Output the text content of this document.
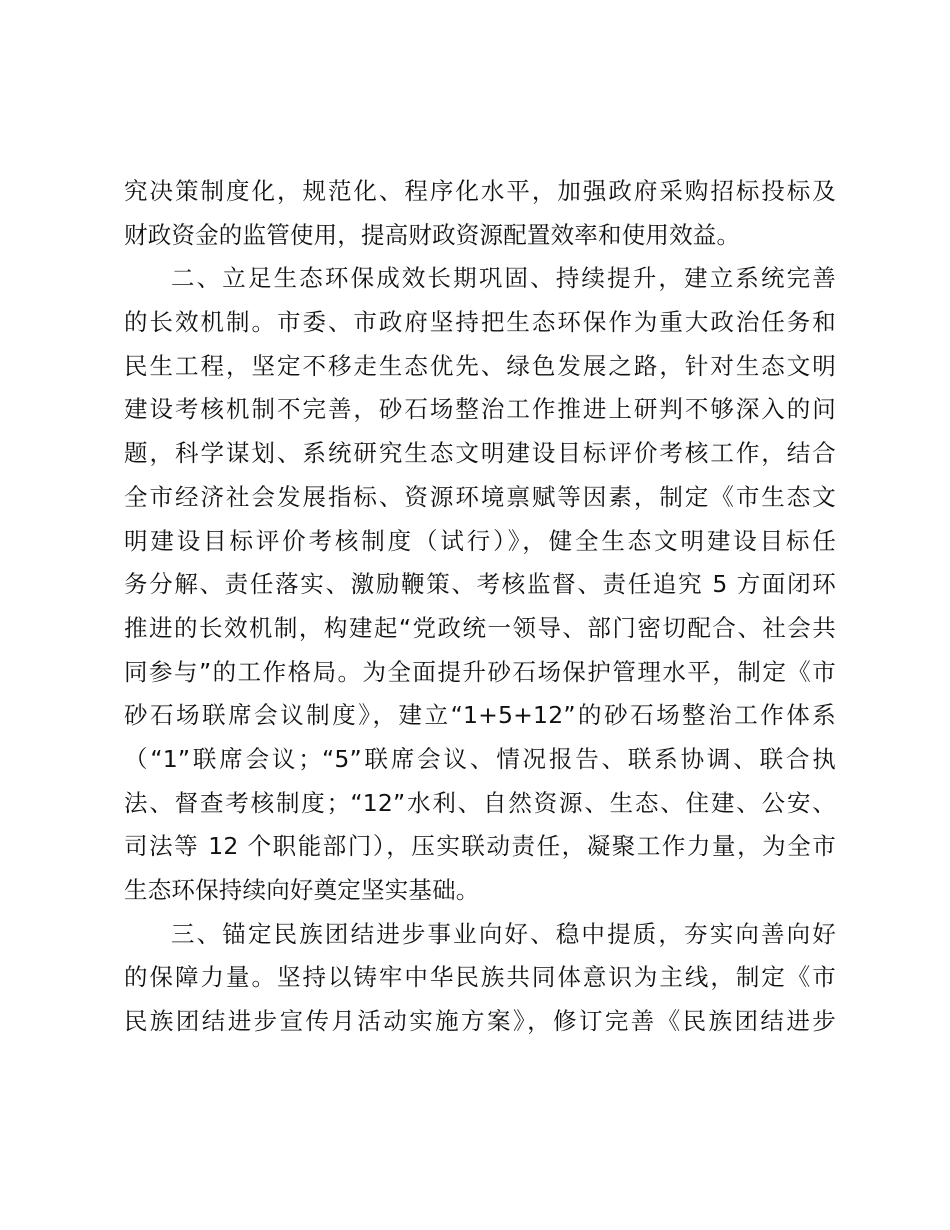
究决策制度化，规范化、程序化水平，加强政府采购招标投标及
财政资金的监管使用，提高财政资源配置效率和使用效益。
二、立足生态环保成效长期巩固、持续提升，建立系统完善
的长效机制。市委、市政府坚持把生态环保作为重大政治任务和
民生工程，坚定不移走生态优先、绿色发展之路，针对生态文明
建设考核机制不完善，砂石场整治工作推进上研判不够深入的问
题，科学谋划、系统研究生态文明建设目标评价考核工作，结合
全市经济社会发展指标、资源环境禀赋等因素，制定《市生态文
明建设目标评价考核制度（试行）》，健全生态文明建设目标任
务分解、责任落实、激励鞭策、考核监督、责任追究 5 方面闭环
推进的长效机制，构建起“党政统一领导、部门密切配合、社会共
同参与”的工作格局。为全面提升砂石场保护管理水平，制定《市
砂石场联席会议制度》，建立“1+5+12”的砂石场整治工作体系
（“1”联席会议；“5”联席会议、情况报告、联系协调、联合执
法、督查考核制度；“12”水利、自然资源、生态、住建、公安、
司法等 12 个职能部门），压实联动责任，凝聚工作力量，为全市
生态环保持续向好奠定坚实基础。
三、锚定民族团结进步事业向好、稳中提质，夯实向善向好
的保障力量。坚持以铸牢中华民族共同体意识为主线，制定《市
民族团结进步宣传月活动实施方案》，修订完善《民族团结进步
